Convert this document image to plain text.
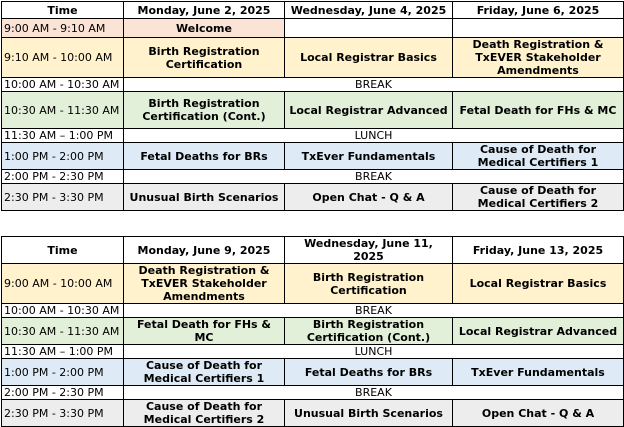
Time	Monday, June 2, 2025	Wednesday, June 4, 2025	Friday, June 6, 2025
9:00 AM - 9:10 AM	Welcome		
9:10 AM - 10:00 AM	Birth Registration Certification	Local Registrar Basics	Death Registration & TxEVER Stakeholder Amendments
10:00 AM - 10:30 AM	BREAK		
10:30 AM - 11:30 AM	Birth Registration Certification (Cont.)	Local Registrar Advanced	Fetal Death for FHs & MC
11:30 AM – 1:00 PM	LUNCH		
1:00 PM - 2:00 PM	Fetal Deaths for BRs	TxEver Fundamentals	Cause of Death for Medical Certifiers 1
2:00 PM - 2:30 PM	BREAK		
2:30 PM - 3:30 PM	Unusual Birth Scenarios	Open Chat - Q & A	Cause of Death for Medical Certifiers 2
Time	Monday, June 9, 2025	Wednesday, June 11, 2025	Friday, June 13, 2025
9:00 AM - 10:00 AM	Death Registration & TxEVER Stakeholder Amendments	Birth Registration Certification	Local Registrar Basics
10:00 AM - 10:30 AM	BREAK		
10:30 AM - 11:30 AM	Fetal Death for FHs & MC	Birth Registration Certification (Cont.)	Local Registrar Advanced
11:30 AM – 1:00 PM	LUNCH		
1:00 PM - 2:00 PM	Cause of Death for Medical Certifiers 1	Fetal Deaths for BRs	TxEver Fundamentals
2:00 PM - 2:30 PM	BREAK		
2:30 PM - 3:30 PM	Cause of Death for Medical Certifiers 2	Unusual Birth Scenarios	Open Chat - Q & A
